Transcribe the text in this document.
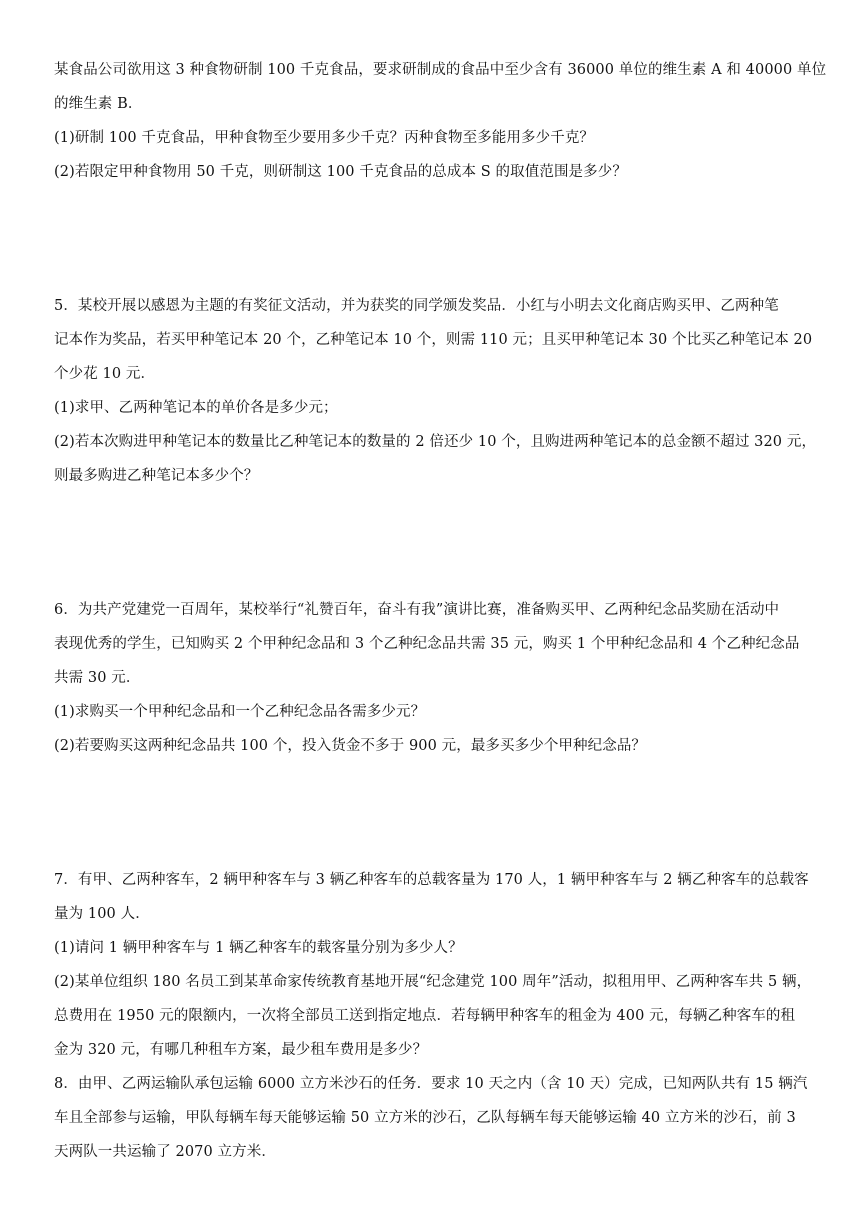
某食品公司欲用这 3 种食物研制 100 千克食品，要求研制成的食品中至少含有 36000 单位的维生素 A 和 40000 单位
的维生素 B．
(1)研制 100 千克食品，甲种食物至少要用多少千克？丙种食物至多能用多少千克？
(2)若限定甲种食物用 50 千克，则研制这 100 千克食品的总成本 S 的取值范围是多少？
5．某校开展以感恩为主题的有奖征文活动，并为获奖的同学颁发奖品．小红与小明去文化商店购买甲、乙两种笔
记本作为奖品，若买甲种笔记本 20 个，乙种笔记本 10 个，则需 110 元；且买甲种笔记本 30 个比买乙种笔记本 20
个少花 10 元．
(1)求甲、乙两种笔记本的单价各是多少元；
(2)若本次购进甲种笔记本的数量比乙种笔记本的数量的 2 倍还少 10 个，且购进两种笔记本的总金额不超过 320 元，
则最多购进乙种笔记本多少个？
6．为共产党建党一百周年，某校举行“礼赞百年，奋斗有我”演讲比赛，准备购买甲、乙两种纪念品奖励在活动中
表现优秀的学生，已知购买 2 个甲种纪念品和 3 个乙种纪念品共需 35 元，购买 1 个甲种纪念品和 4 个乙种纪念品
共需 30 元．
(1)求购买一个甲种纪念品和一个乙种纪念品各需多少元？
(2)若要购买这两种纪念品共 100 个，投入货金不多于 900 元，最多买多少个甲种纪念品？
7．有甲、乙两种客车，2 辆甲种客车与 3 辆乙种客车的总载客量为 170 人，1 辆甲种客车与 2 辆乙种客车的总载客
量为 100 人．
(1)请问 1 辆甲种客车与 1 辆乙种客车的载客量分别为多少人？
(2)某单位组织 180 名员工到某革命家传统教育基地开展“纪念建党 100 周年”活动，拟租用甲、乙两种客车共 5 辆，
总费用在 1950 元的限额内，一次将全部员工送到指定地点．若每辆甲种客车的租金为 400 元，每辆乙种客车的租
金为 320 元，有哪几种租车方案，最少租车费用是多少？
8．由甲、乙两运输队承包运输 6000 立方米沙石的任务．要求 10 天之内（含 10 天）完成，已知两队共有 15 辆汽
车且全部参与运输，甲队每辆车每天能够运输 50 立方米的沙石，乙队每辆车每天能够运输 40 立方米的沙石，前 3
天两队一共运输了 2070 立方米．
